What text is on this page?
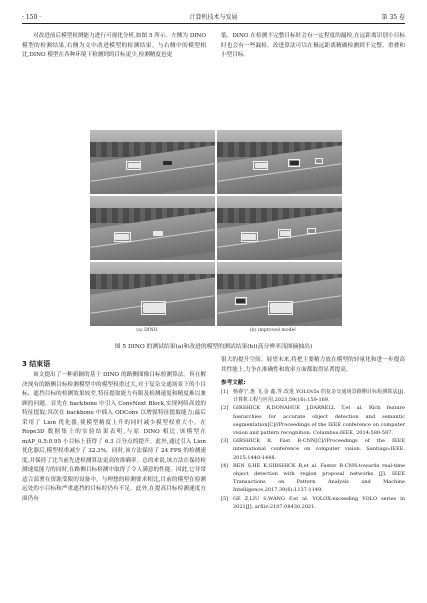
· 150 ·	计算机技术与发展	第 35 卷

对改进前后模型检测能力进行可视化分析,如图 5 所示。左侧为 DINO 模型的检测结果,右侧为文中改进模型的检测结果。与右侧中的模型相比,DINO 模型在各种环境下检测到的目标更少,检测精度也更

低。DINO 在检测不完整目标时会有一定程度的漏检,在远距离识别小目标时也会有一些漏检。改进算法可以在极远距离精确检测到不完整、重叠和小型目标。

(a) DINO	(b) improved model
图 5 DINO 的测试结果(a)和改进的模型的测试结果(b)(高分辨率浅图摘抽出)
3 结束语

该文提出了一种新颖的基于 DINO 的路侧图像目标检测算法。旨在解决现有的路侧目标检测模型中的模型权重过大,对于复杂交通场景下的小目标、遮挡目标的检测效果较差,特征提取能力有限及检测速度和精度难以兼顾的问题。首先在 backbone 中引入 ConvNext Block,实现网络高效的特征提取;其次在 backbone 中插入 ODConv 以增强特征提取能力;最后采用了 Lion 优化器,使模型精度上升的同时减少模型权重大小。在 Rope3D 数据集上的实验结果表明,与原 DINO 相比,该模型在 mAP_0.5:0.95 小目标上获得了 6.3 百分点的提升。此外,通过引入 Lion 优化器后,模型权重减少了 32.3%。同时,该方法保持了 24 FPS 的检测速度,并保持了比当前先进检测算法更高的准确率。总的来说,该方法在保持检测速度能力的同时,在路侧目标检测中取得了令人满意的性能。因此,它非常适合部署在资源受限的设备中。与理想的检测要求相比,目前的模型在检测远处的小目标和严重遮挡的目标时仍有不足。此外,在提高目标检测速度方面仍有

很大的提升空间。展望未来,将把主要精力放在模型的轻量化和进一步提高其性能上,力争在准确性和效率方面都取得显著提高。

参考文献:
[1] 杨睿宁,惠 飞,金 鑫,等.改进 YOLOv5s 的复杂交通场景路侧目标检测算法[J].计算机工程与应用,2023,59(16):159-169.
[2] GIRSHICK R,DONAHUE J,DARRELL T,et al. Rich feature hierarchies for accurate object detection and semantic segmentation[C]//Proceedings of the IEEE conference on computer vision and pattern recognition. Columbus:IEEE, 2014:580-587.
[3] GIRSHICK R. Fast R-CNN[C]//Proceedings of the IEEE international conference on computer vision. Santiago:IEEE, 2015:1440-1448.
[4] REN S,HE K,GIRSHICK R,et al. Faster R-CNN:towards real-time object detection with region proposal networks [J]. IEEE Transactions on Pattern Analysis and Machine Intelligence,2017,39(6):1137-1149.
[5] GE Z,LIU S,WANG F,et al. YOLOX:exceeding YOLO series in 2021[J]. arXiv:2107.08430,2021.
